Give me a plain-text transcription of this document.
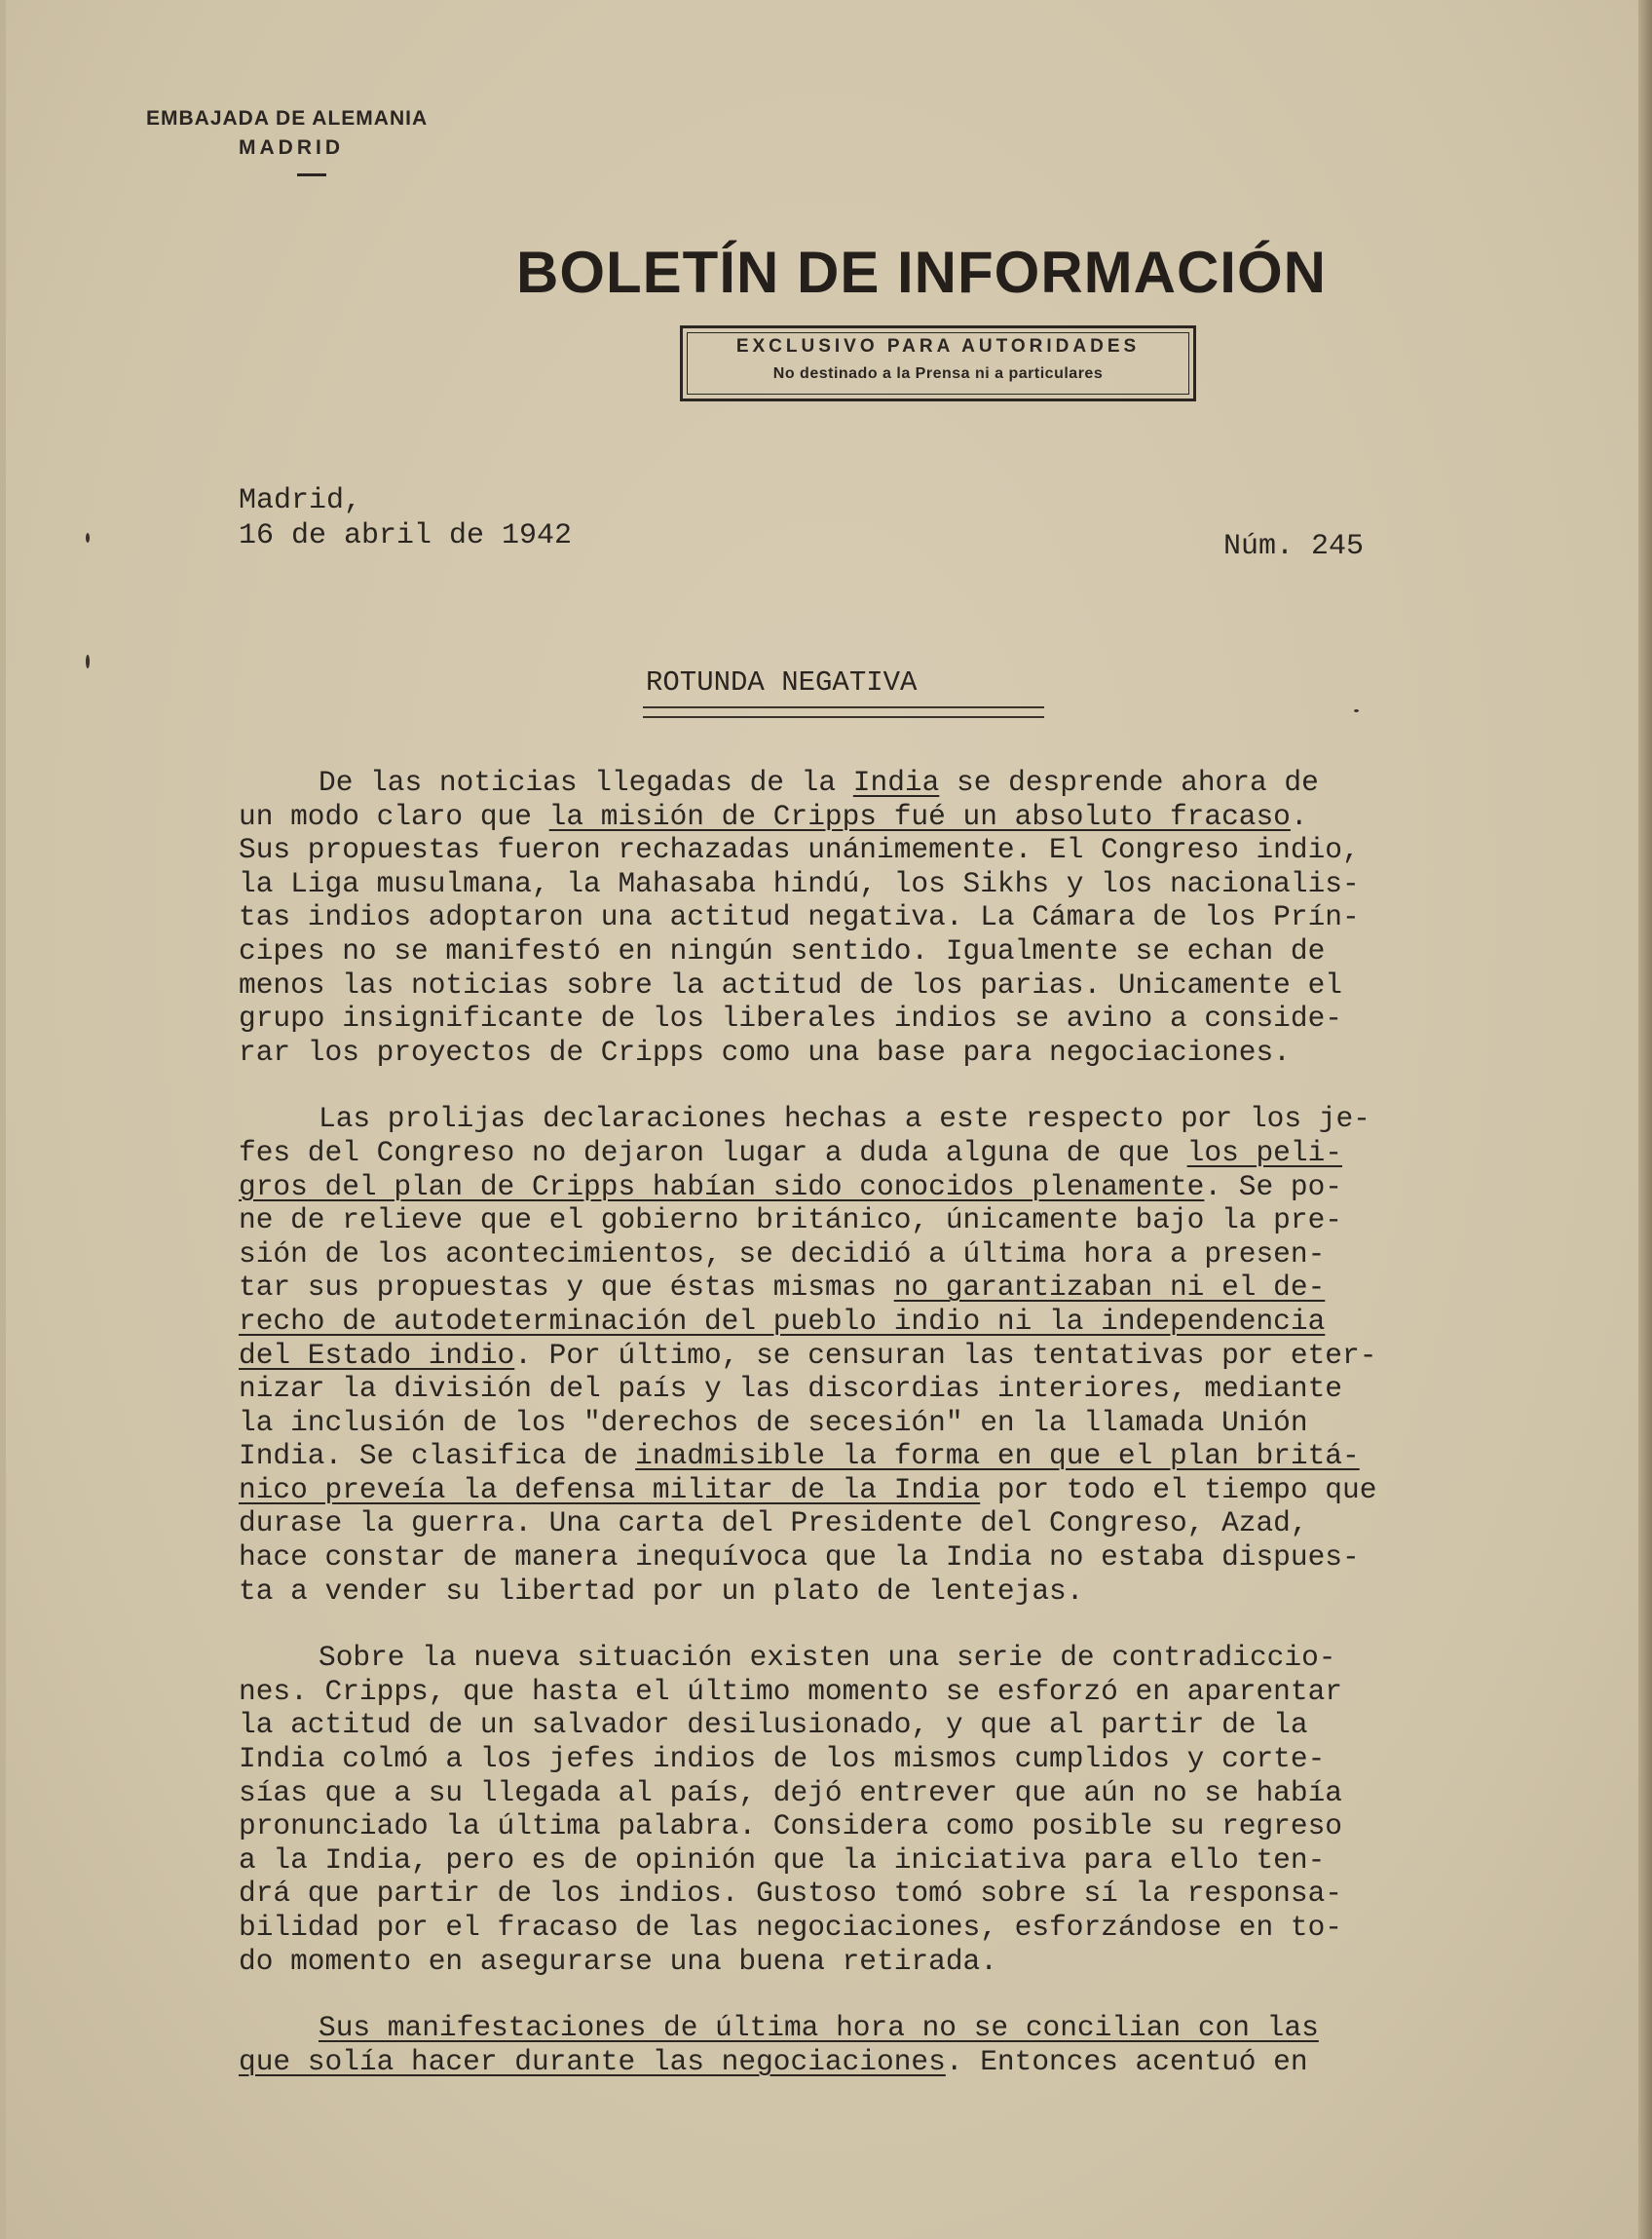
EMBAJADA DE ALEMANIA
MADRID
BOLETÍN DE INFORMACIÓN
EXCLUSIVO PARA AUTORIDADES
No destinado a la Prensa ni a particulares
Madrid,
16 de abril de 1942	Núm. 245
ROTUNDA NEGATIVA
De las noticias llegadas de la India se desprende ahora de
un modo claro que la misión de Cripps fué un absoluto fracaso.
Sus propuestas fueron rechazadas unánimemente. El Congreso indio,
la Liga musulmana, la Mahasaba hindú, los Sikhs y los nacionalis-
tas indios adoptaron una actitud negativa. La Cámara de los Prín-
cipes no se manifestó en ningún sentido. Igualmente se echan de
menos las noticias sobre la actitud de los parias. Unicamente el
grupo insignificante de los liberales indios se avino a conside-
rar los proyectos de Cripps como una base para negociaciones.
Las prolijas declaraciones hechas a este respecto por los je-
fes del Congreso no dejaron lugar a duda alguna de que los peli-
gros del plan de Cripps habían sido conocidos plenamente. Se po-
ne de relieve que el gobierno británico, únicamente bajo la pre-
sión de los acontecimientos, se decidió a última hora a presen-
tar sus propuestas y que éstas mismas no garantizaban ni el de-
recho de autodeterminación del pueblo indio ni la independencia
del Estado indio. Por último, se censuran las tentativas por eter-
nizar la división del país y las discordias interiores, mediante
la inclusión de los "derechos de secesión" en la llamada Unión
India. Se clasifica de inadmisible la forma en que el plan britá-
nico preveía la defensa militar de la India por todo el tiempo que
durase la guerra. Una carta del Presidente del Congreso, Azad,
hace constar de manera inequívoca que la India no estaba dispues-
ta a vender su libertad por un plato de lentejas.
Sobre la nueva situación existen una serie de contradiccio-
nes. Cripps, que hasta el último momento se esforzó en aparentar
la actitud de un salvador desilusionado, y que al partir de la
India colmó a los jefes indios de los mismos cumplidos y corte-
sías que a su llegada al país, dejó entrever que aún no se había
pronunciado la última palabra. Considera como posible su regreso
a la India, pero es de opinión que la iniciativa para ello ten-
drá que partir de los indios. Gustoso tomó sobre sí la responsa-
bilidad por el fracaso de las negociaciones, esforzándose en to-
do momento en asegurarse una buena retirada.
Sus manifestaciones de última hora no se concilian con las
que solía hacer durante las negociaciones. Entonces acentuó en
